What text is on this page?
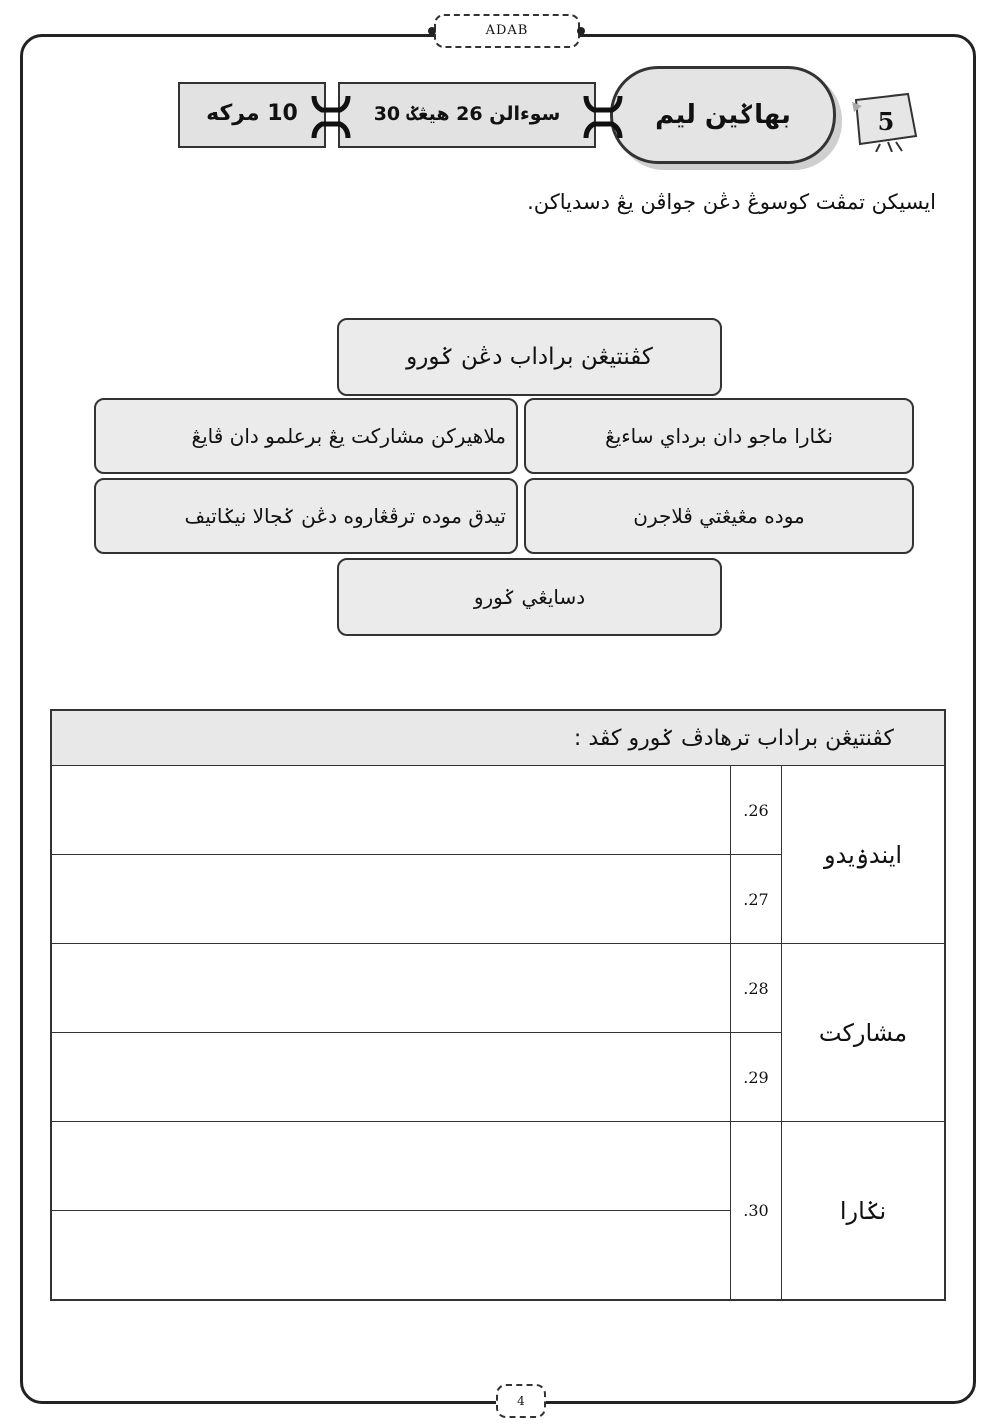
ADAB
5
بهاݢين ليم
سوءالن 26 هيڠݢ 30
10 مرکه
ايسيکن تمڤت کوسوڠ دڠن جواڤن يڠ دسدياکن.
کڤنتيڠن براداب دڠن ݢورو
نݢارا ماجو دان برداي ساءيڠ
ملاهيرکن مشارکت يڠ برعلمو دان ڤايڠ
موده مڠيڠتي ڤلاجرن
تيدق موده ترڤڠاروه دڠن ݢجالا نيݢاتيف
دسايڠي ݢورو
کڤنتيڠن براداب ترهادڤ ݢورو کڤد :		
	.26	ايندۏيدو
	.27	
	.28	مشارکت
	.29	
	.30	نݢارا

4
